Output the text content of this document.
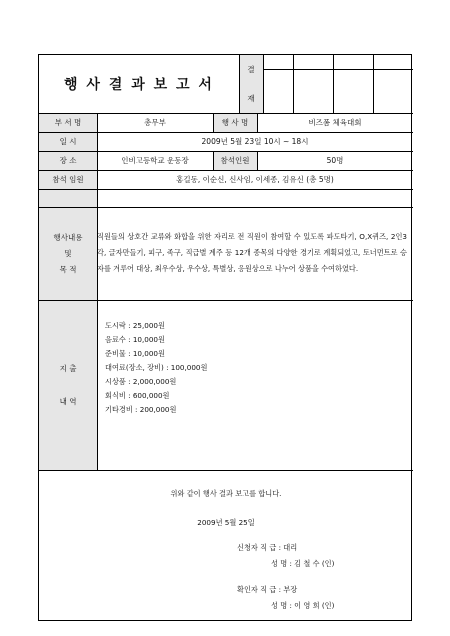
행 사 결 과 보 고 서
결
재
부 서 명	총무부	행 사 명	비즈폼 체육대회
일 시	2009년 5월 23일 10시 ~ 18시
장 소	인비고등학교 운동장	참석인원	50명
참석 임원	홍길동, 이순신, 신사임, 이세종, 김유신 (총 5명)
행사내용
및
목 적
직원들의 상호간 교류와 화합을 위한 자리로 전 직원이 참여할 수 있도록 파도타기, O,X퀴즈, 2인3각, 글자만들기, 피구, 족구, 직급별 계주 등 12개 종목의 다양한 경기로 계획되었고, 토너먼트로 승자를 겨루어 대상, 최우수상, 우수상, 특별상, 응원상으로 나누어 상품을 수여하였다.
지 출
내 역
도시락 : 25,000원
음료수 : 10,000원
준비물 : 10,000원
대여료(장소, 장비) : 100,000원
시상품 : 2,000,000원
회식비 : 600,000원
기타경비 : 200,000원
위와 같이 행사 결과 보고를 합니다.
2009년 5월 25일
신청자 직 급 : 대리
성 명 : 김 철 수 (인)
확인자 직 급 : 부장
성 명 : 이 영 희 (인)
